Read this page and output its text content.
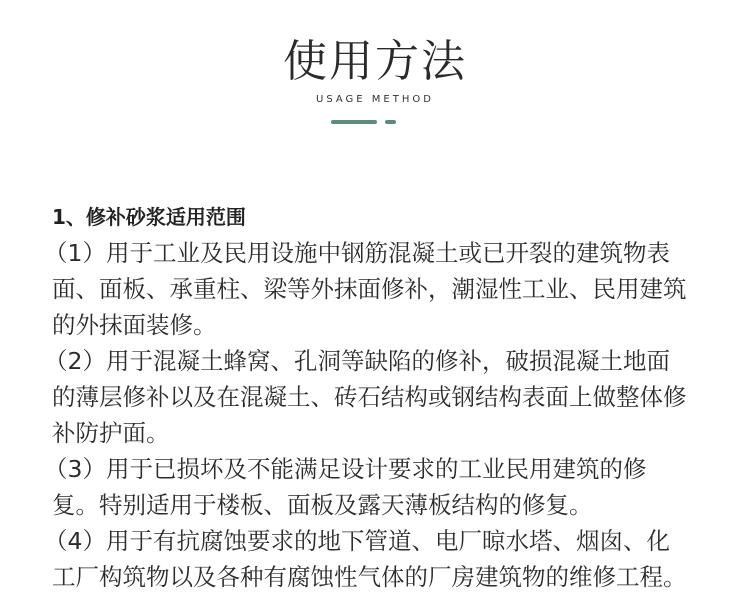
使用方法
USAGE METHOD
1、修补砂浆适用范围
（1）用于工业及民用设施中钢筋混凝土或已开裂的建筑物表
面、面板、承重柱、梁等外抹面修补，潮湿性工业、民用建筑
的外抹面装修。
（2）用于混凝土蜂窝、孔洞等缺陷的修补，破损混凝土地面
的薄层修补以及在混凝土、砖石结构或钢结构表面上做整体修
补防护面。
（3）用于已损坏及不能满足设计要求的工业民用建筑的修
复。特别适用于楼板、面板及露天薄板结构的修复。
（4）用于有抗腐蚀要求的地下管道、电厂晾水塔、烟囱、化
工厂构筑物以及各种有腐蚀性气体的厂房建筑物的维修工程。
